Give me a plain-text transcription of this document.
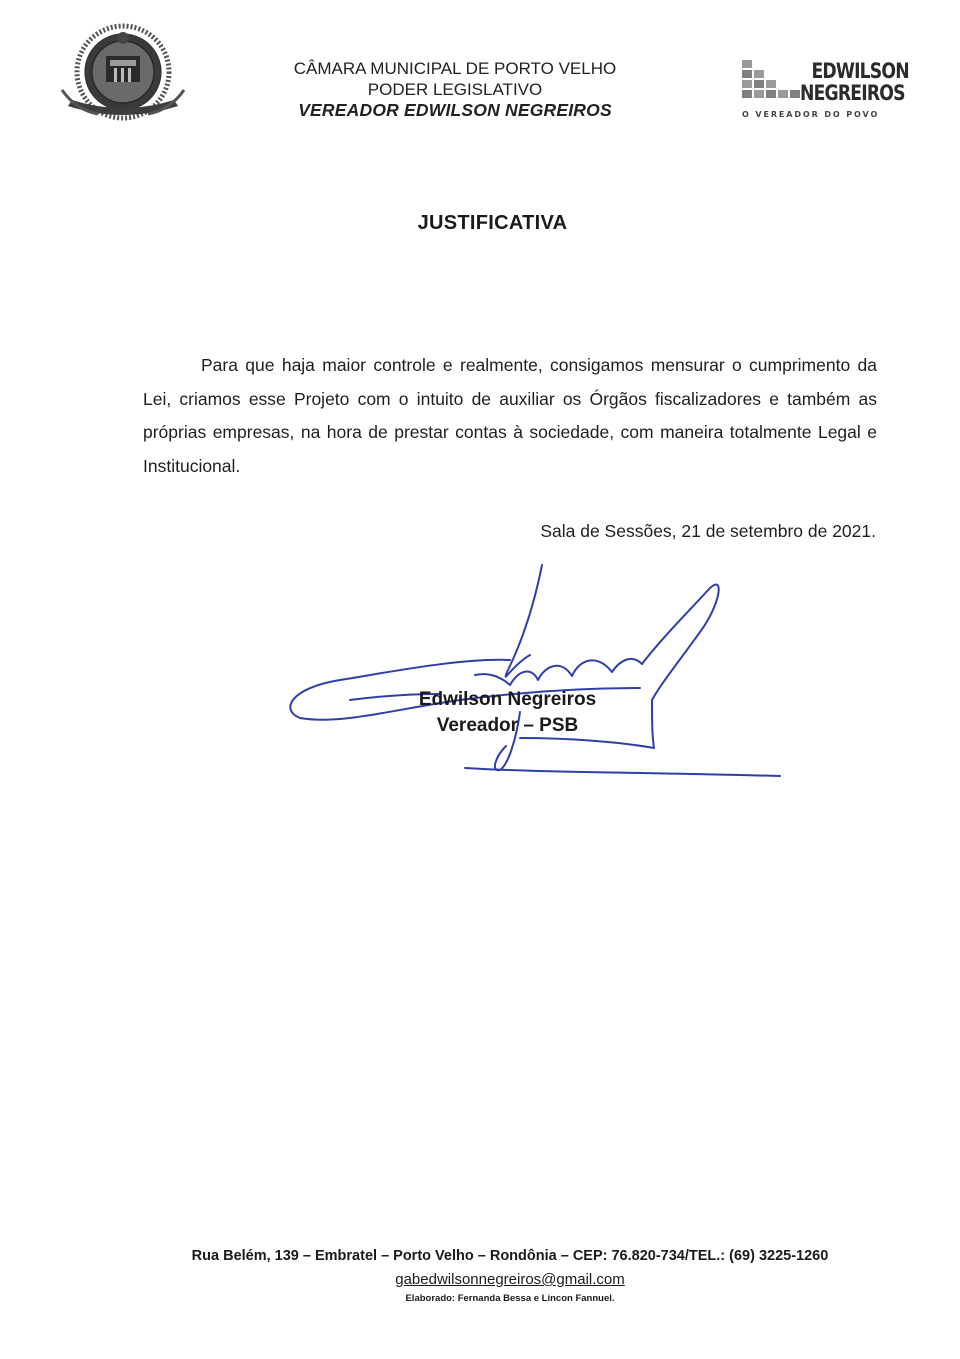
CÂMARA MUNICIPAL DE PORTO VELHO
PODER LEGISLATIVO
VEREADOR EDWILSON NEGREIROS
EDWILSON
NEGREIROS
O VEREADOR DO POVO
JUSTIFICATIVA

Para que haja maior controle e realmente, consigamos mensurar o cumprimento da Lei, criamos esse Projeto com o intuito de auxiliar os Órgãos fiscalizadores e também as próprias empresas, na hora de prestar contas à sociedade, com maneira totalmente Legal e Institucional.

Sala de Sessões, 21 de setembro de 2021.
Edwilson Negreiros
Vereador – PSB
Rua Belém, 139 – Embratel – Porto Velho – Rondônia – CEP: 76.820-734/TEL.: (69) 3225-1260
gabedwilsonnegreiros@gmail.com
Elaborado: Fernanda Bessa e Lincon Fannuel.
